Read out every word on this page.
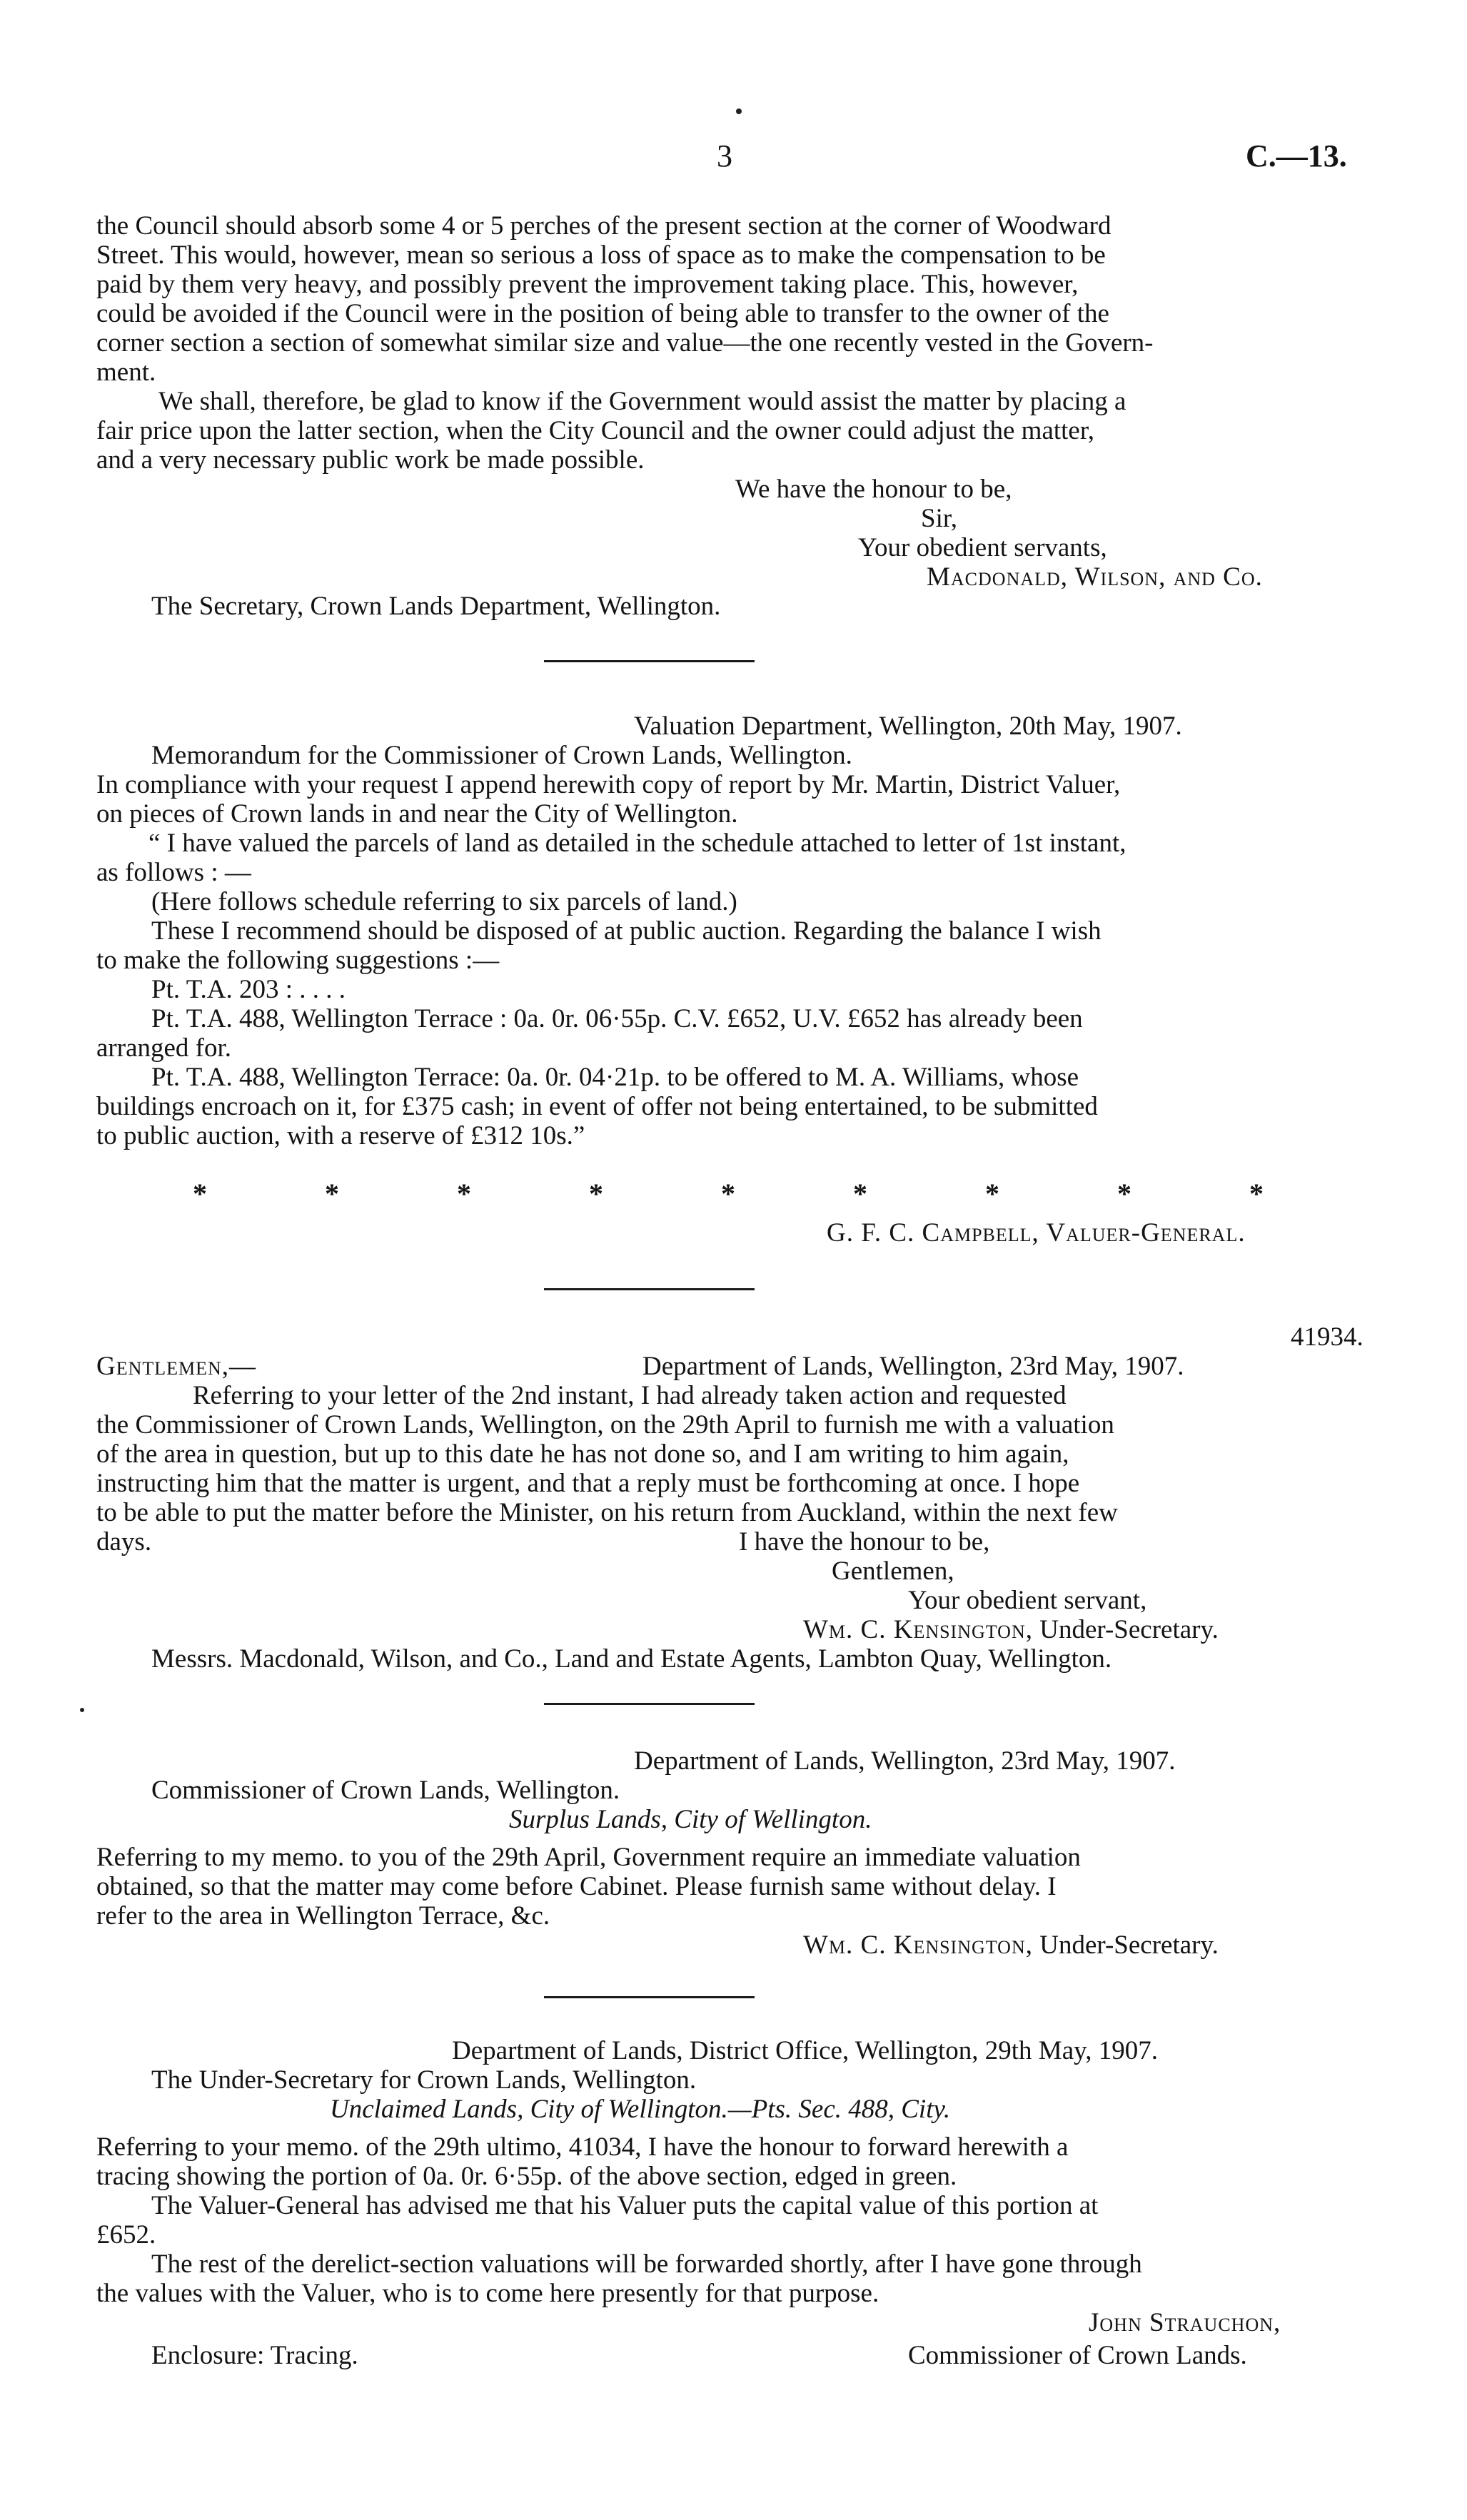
3	C.—13.
the Council should absorb some 4 or 5 perches of the present section at the corner of Woodward
Street. This would, however, mean so serious a loss of space as to make the compensation to be
paid by them very heavy, and possibly prevent the improvement taking place. This, however,
could be avoided if the Council were in the position of being able to transfer to the owner of the
corner section a section of somewhat similar size and value—the one recently vested in the Govern-
ment.
We shall, therefore, be glad to know if the Government would assist the matter by placing a
fair price upon the latter section, when the City Council and the owner could adjust the matter,
and a very necessary public work be made possible.
We have the honour to be,
Sir,
Your obedient servants,
Macdonald, Wilson, and Co.
The Secretary, Crown Lands Department, Wellington.
Valuation Department, Wellington, 20th May, 1907.
Memorandum for the Commissioner of Crown Lands, Wellington.
In compliance with your request I append herewith copy of report by Mr. Martin, District Valuer,
on pieces of Crown lands in and near the City of Wellington.
“ I have valued the parcels of land as detailed in the schedule attached to letter of 1st instant,
as follows : —
(Here follows schedule referring to six parcels of land.)
These I recommend should be disposed of at public auction. Regarding the balance I wish
to make the following suggestions :—
Pt. T.A. 203 : . . . .
Pt. T.A. 488, Wellington Terrace : 0a. 0r. 06·55p. C.V. £652, U.V. £652 has already been
arranged for.
Pt. T.A. 488, Wellington Terrace: 0a. 0r. 04·21p. to be offered to M. A. Williams, whose
buildings encroach on it, for £375 cash; in event of offer not being entertained, to be submitted
to public auction, with a reserve of £312 10s.”
*	*	*	*	*	*	*	*	*
G. F. C. Campbell, Valuer-General.
41934.
Gentlemen,—	Department of Lands, Wellington, 23rd May, 1907.
Referring to your letter of the 2nd instant, I had already taken action and requested
the Commissioner of Crown Lands, Wellington, on the 29th April to furnish me with a valuation
of the area in question, but up to this date he has not done so, and I am writing to him again,
instructing him that the matter is urgent, and that a reply must be forthcoming at once. I hope
to be able to put the matter before the Minister, on his return from Auckland, within the next few
days.	I have the honour to be,
Gentlemen,
Your obedient servant,
Wm. C. Kensington, Under-Secretary.
Messrs. Macdonald, Wilson, and Co., Land and Estate Agents, Lambton Quay, Wellington.
Department of Lands, Wellington, 23rd May, 1907.
Commissioner of Crown Lands, Wellington.
Surplus Lands, City of Wellington.
Referring to my memo. to you of the 29th April, Government require an immediate valuation
obtained, so that the matter may come before Cabinet. Please furnish same without delay. I
refer to the area in Wellington Terrace, &c.
Wm. C. Kensington, Under-Secretary.
Department of Lands, District Office, Wellington, 29th May, 1907.
The Under-Secretary for Crown Lands, Wellington.
Unclaimed Lands, City of Wellington.—Pts. Sec. 488, City.
Referring to your memo. of the 29th ultimo, 41034, I have the honour to forward herewith a
tracing showing the portion of 0a. 0r. 6·55p. of the above section, edged in green.
The Valuer-General has advised me that his Valuer puts the capital value of this portion at
£652.
The rest of the derelict-section valuations will be forwarded shortly, after I have gone through
the values with the Valuer, who is to come here presently for that purpose.
John Strauchon,
Enclosure: Tracing.	Commissioner of Crown Lands.
